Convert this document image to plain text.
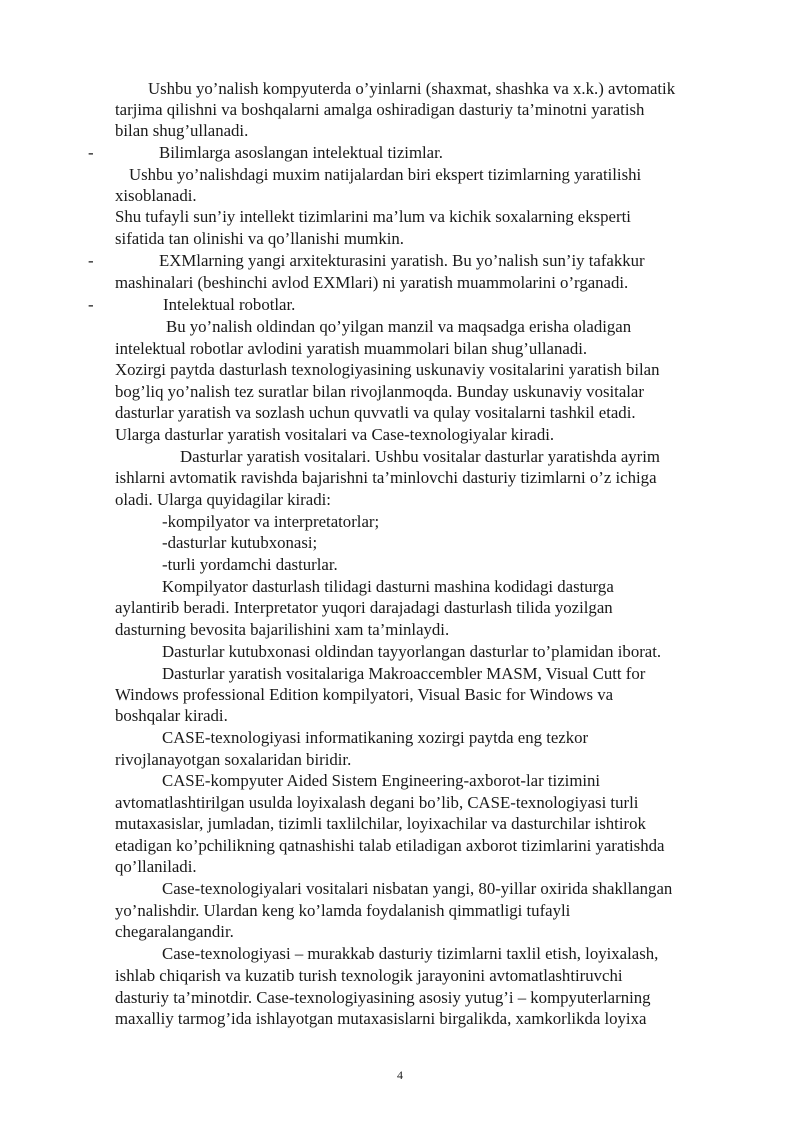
-
-
-
Ushbu yo’nalish kompyuterda o’yinlarni (shaxmat, shashka va x.k.) avtomatik
tarjima qilishni va boshqalarni amalga oshiradigan dasturiy ta’minotni yaratish
bilan shug’ullanadi.
Bilimlarga asoslangan intelektual tizimlar.
Ushbu yo’nalishdagi muxim natijalardan biri ekspert tizimlarning yaratilishi
xisoblanadi.
Shu tufayli sun’iy intellekt tizimlarini ma’lum va kichik soxalarning eksperti
sifatida tan olinishi va qo’llanishi mumkin.
EXMlarning yangi arxitekturasini yaratish. Bu yo’nalish sun’iy tafakkur
mashinalari (beshinchi avlod EXMlari) ni yaratish muammolarini o’rganadi.
Intelektual robotlar.
Bu yo’nalish oldindan qo’yilgan manzil va maqsadga erisha oladigan
intelektual robotlar avlodini yaratish muammolari bilan shug’ullanadi.
Xozirgi paytda dasturlash texnologiyasining uskunaviy vositalarini yaratish bilan
bog’liq yo’nalish tez suratlar bilan rivojlanmoqda. Bunday uskunaviy vositalar
dasturlar yaratish va sozlash uchun quvvatli va qulay vositalarni tashkil etadi.
Ularga dasturlar yaratish vositalari va Case-texnologiyalar kiradi.
Dasturlar yaratish vositalari. Ushbu vositalar dasturlar yaratishda ayrim
ishlarni avtomatik ravishda bajarishni ta’minlovchi dasturiy tizimlarni o’z ichiga
oladi. Ularga quyidagilar kiradi:
-kompilyator va interpretatorlar;
-dasturlar kutubxonasi;
-turli yordamchi dasturlar.
Kompilyator dasturlash tilidagi dasturni mashina kodidagi dasturga
aylantirib beradi. Interpretator yuqori darajadagi dasturlash tilida yozilgan
dasturning bevosita bajarilishini xam ta’minlaydi.
Dasturlar kutubxonasi oldindan tayyorlangan dasturlar to’plamidan iborat.
Dasturlar yaratish vositalariga Makroaccembler MASM, Visual Cutt for
Windows professional Edition kompilyatori, Visual Basic for Windows va
boshqalar kiradi.
CASE-texnologiyasi informatikaning xozirgi paytda eng tezkor
rivojlanayotgan soxalaridan biridir.
CASE-kompyuter Aided Sistem Engineering-axborot-lar tizimini
avtomatlashtirilgan usulda loyixalash degani bo’lib, CASE-texnologiyasi turli
mutaxasislar, jumladan, tizimli taxlilchilar, loyixachilar va dasturchilar ishtirok
etadigan ko’pchilikning qatnashishi talab etiladigan axborot tizimlarini yaratishda
qo’llaniladi.
Case-texnologiyalari vositalari nisbatan yangi, 80-yillar oxirida shakllangan
yo’nalishdir. Ulardan keng ko’lamda foydalanish qimmatligi tufayli
chegaralangandir.
Case-texnologiyasi – murakkab dasturiy tizimlarni taxlil etish, loyixalash,
ishlab chiqarish va kuzatib turish texnologik jarayonini avtomatlashtiruvchi
dasturiy ta’minotdir. Case-texnologiyasining asosiy yutug’i – kompyuterlarning
maxalliy tarmog’ida ishlayotgan mutaxasislarni birgalikda, xamkorlikda loyixa
4
